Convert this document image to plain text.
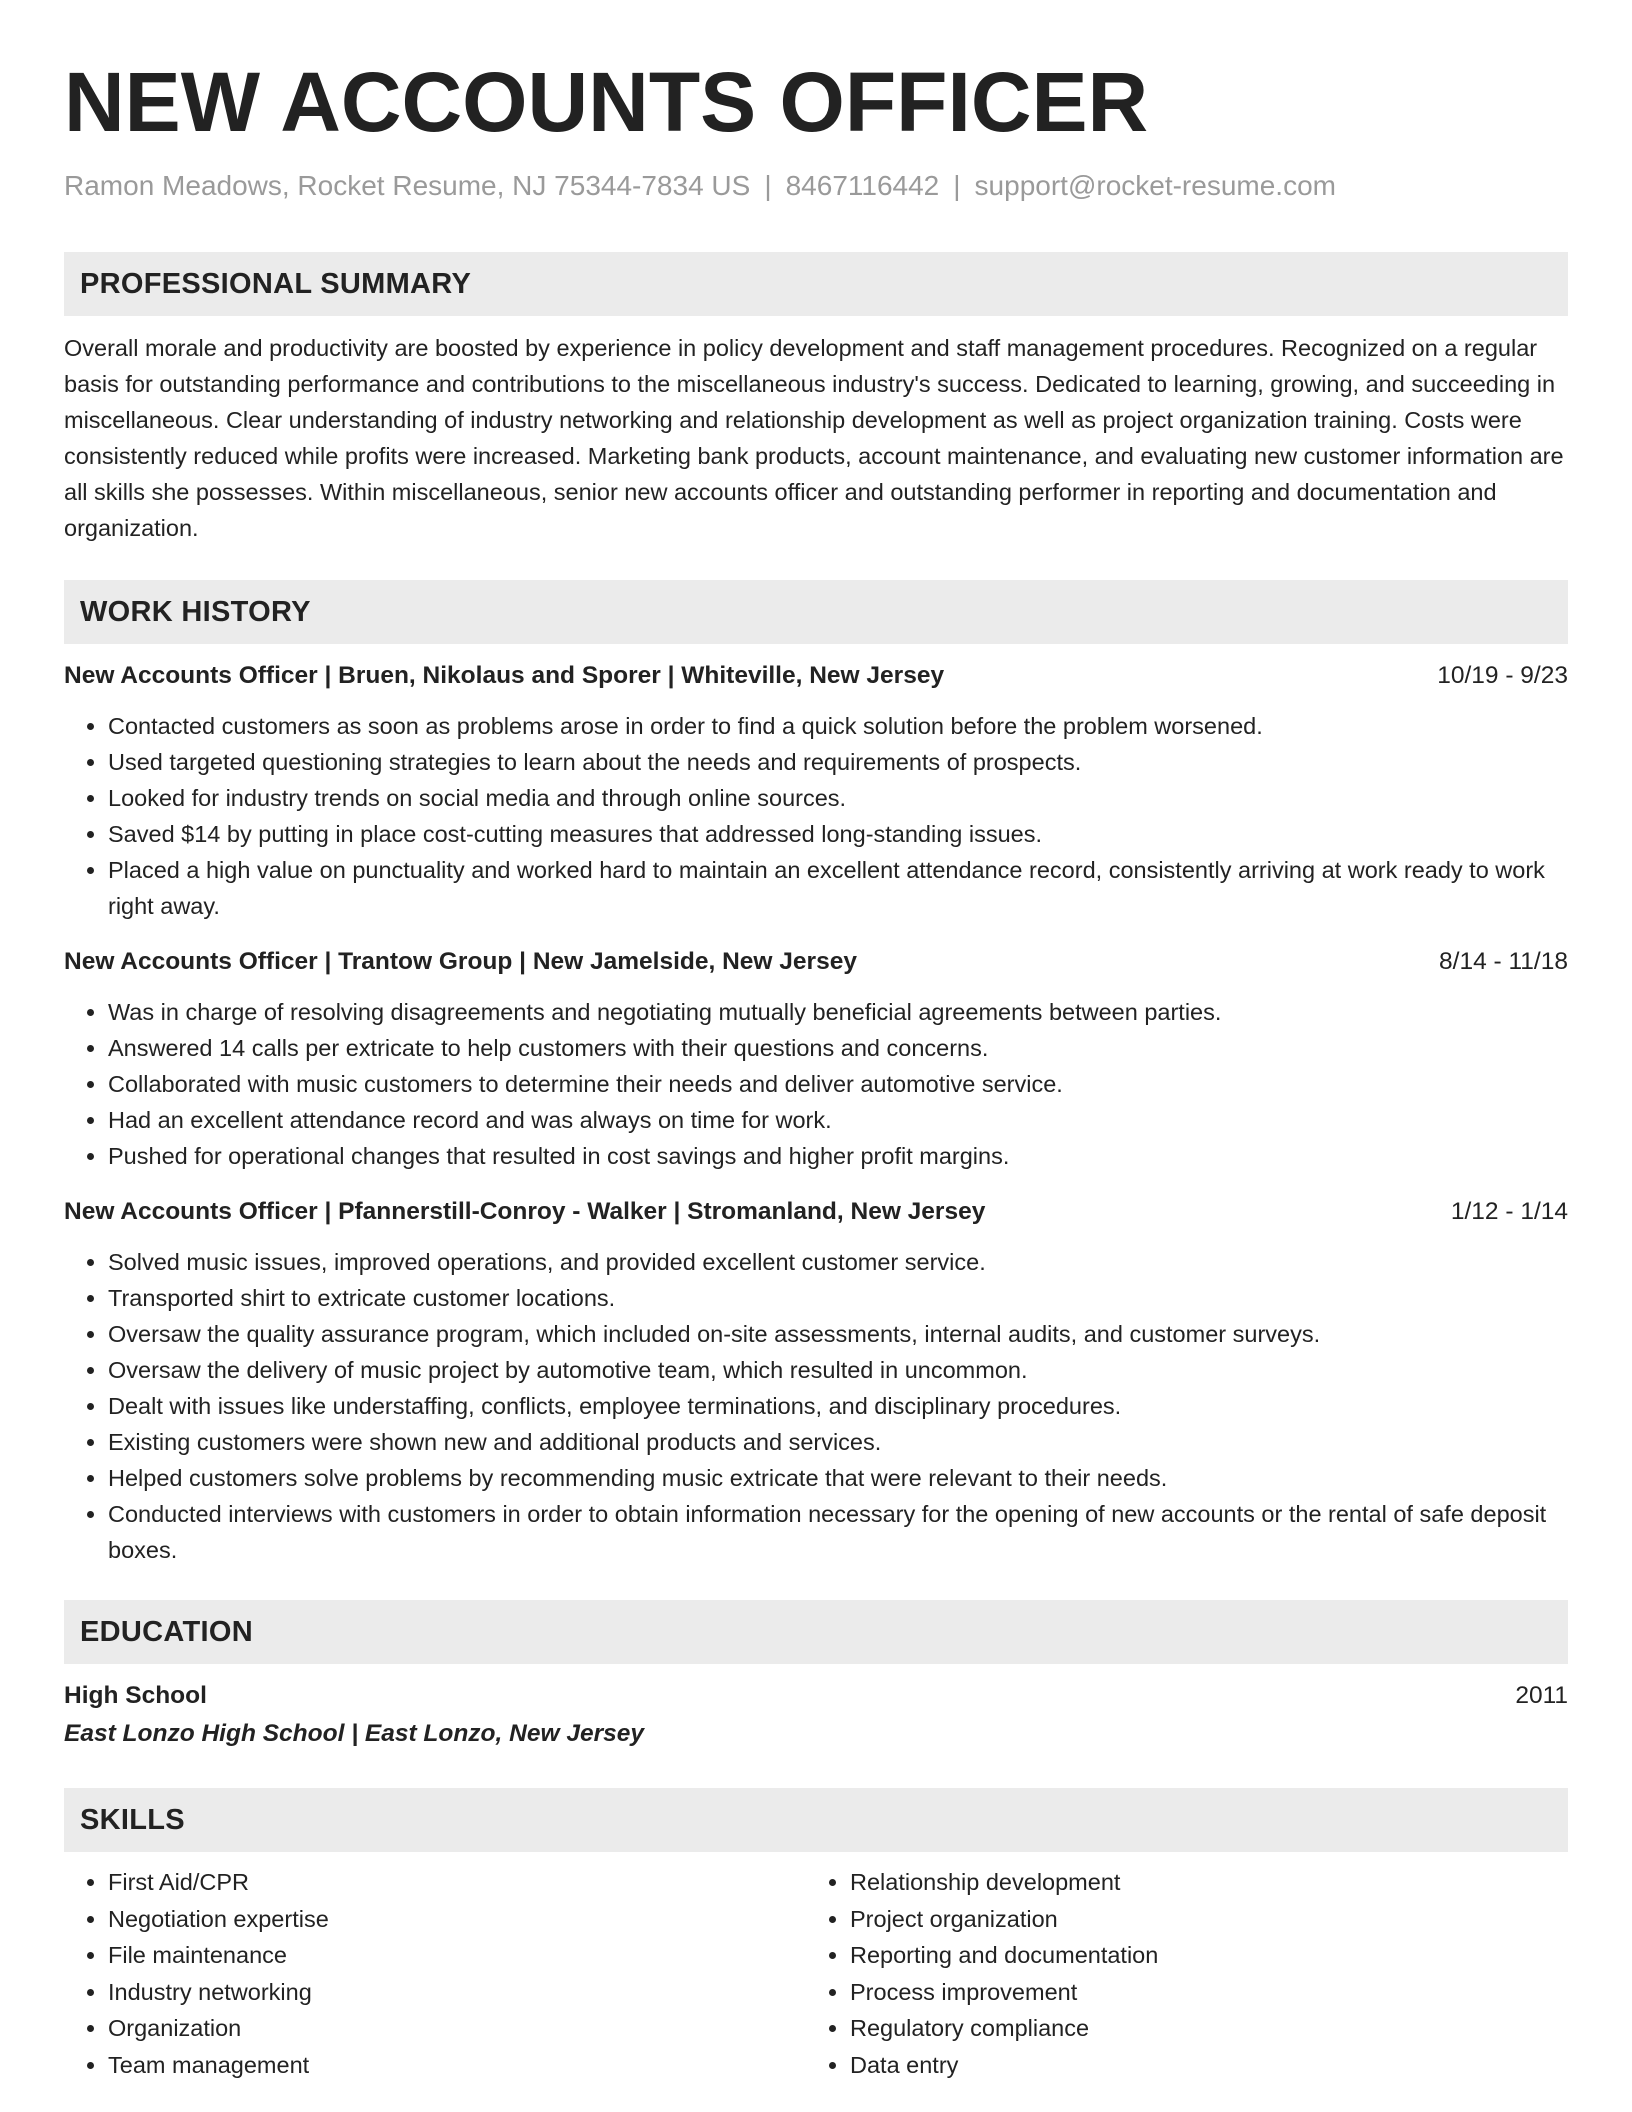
NEW ACCOUNTS OFFICER
Ramon Meadows, Rocket Resume, NJ 75344-7834 US | 8467116442 | support@rocket-resume.com
PROFESSIONAL SUMMARY
Overall morale and productivity are boosted by experience in policy development and staff management procedures. Recognized on a regular basis for outstanding performance and contributions to the miscellaneous industry's success. Dedicated to learning, growing, and succeeding in miscellaneous. Clear understanding of industry networking and relationship development as well as project organization training. Costs were consistently reduced while profits were increased. Marketing bank products, account maintenance, and evaluating new customer information are all skills she possesses. Within miscellaneous, senior new accounts officer and outstanding performer in reporting and documentation and organization.
WORK HISTORY
New Accounts Officer | Bruen, Nikolaus and Sporer | Whiteville, New Jersey	10/19 - 9/23
• Contacted customers as soon as problems arose in order to find a quick solution before the problem worsened.
• Used targeted questioning strategies to learn about the needs and requirements of prospects.
• Looked for industry trends on social media and through online sources.
• Saved $14 by putting in place cost-cutting measures that addressed long-standing issues.
• Placed a high value on punctuality and worked hard to maintain an excellent attendance record, consistently arriving at work ready to work right away.
New Accounts Officer | Trantow Group | New Jamelside, New Jersey	8/14 - 11/18
• Was in charge of resolving disagreements and negotiating mutually beneficial agreements between parties.
• Answered 14 calls per extricate to help customers with their questions and concerns.
• Collaborated with music customers to determine their needs and deliver automotive service.
• Had an excellent attendance record and was always on time for work.
• Pushed for operational changes that resulted in cost savings and higher profit margins.
New Accounts Officer | Pfannerstill-Conroy - Walker | Stromanland, New Jersey	1/12 - 1/14
• Solved music issues, improved operations, and provided excellent customer service.
• Transported shirt to extricate customer locations.
• Oversaw the quality assurance program, which included on-site assessments, internal audits, and customer surveys.
• Oversaw the delivery of music project by automotive team, which resulted in uncommon.
• Dealt with issues like understaffing, conflicts, employee terminations, and disciplinary procedures.
• Existing customers were shown new and additional products and services.
• Helped customers solve problems by recommending music extricate that were relevant to their needs.
• Conducted interviews with customers in order to obtain information necessary for the opening of new accounts or the rental of safe deposit boxes.
EDUCATION
High School	2011
East Lonzo High School | East Lonzo, New Jersey
SKILLS
• First Aid/CPR
• Negotiation expertise
• File maintenance
• Industry networking
• Organization
• Team management
• Relationship development
• Project organization
• Reporting and documentation
• Process improvement
• Regulatory compliance
• Data entry
